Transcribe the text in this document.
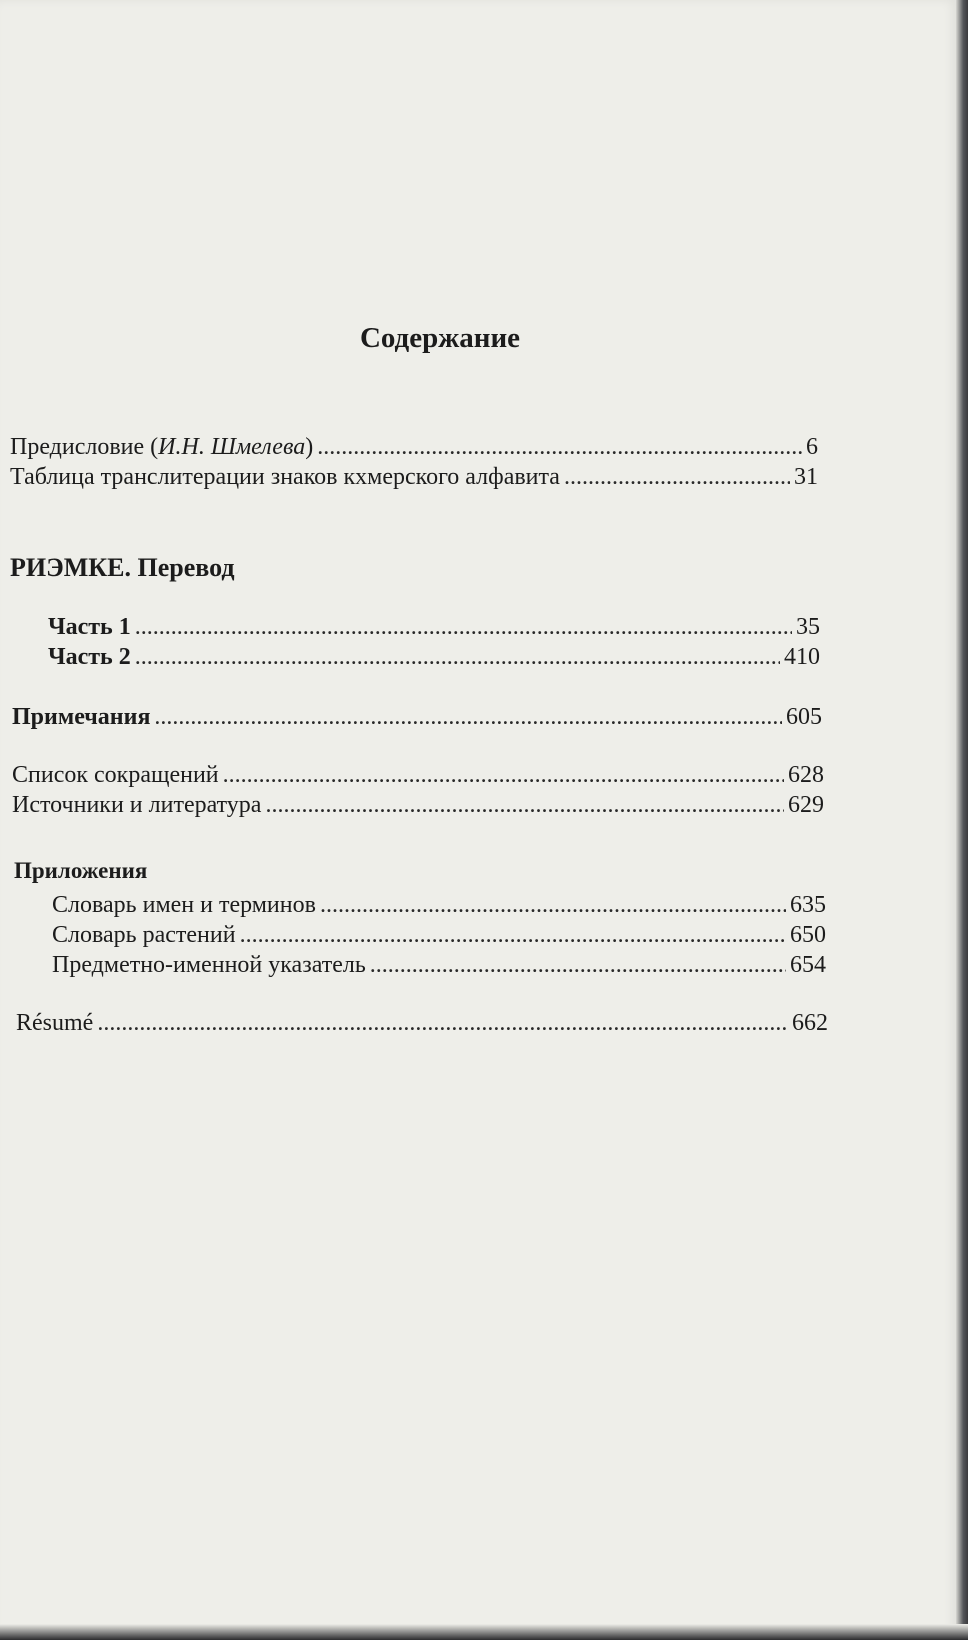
Содержание
Предисловие (И.Н. Шмелева) .....	6
Таблица транслитерации знаков кхмерского алфавита .....	31
РИЭМКЕ. Перевод
Часть 1 .....	35
Часть 2 .....	410
Примечания .....	605
Список сокращений .....	628
Источники и литература .....	629
Приложения
Словарь имен и терминов .....	635
Словарь растений .....	650
Предметно-именной указатель .....	654
Résumé .....	662
